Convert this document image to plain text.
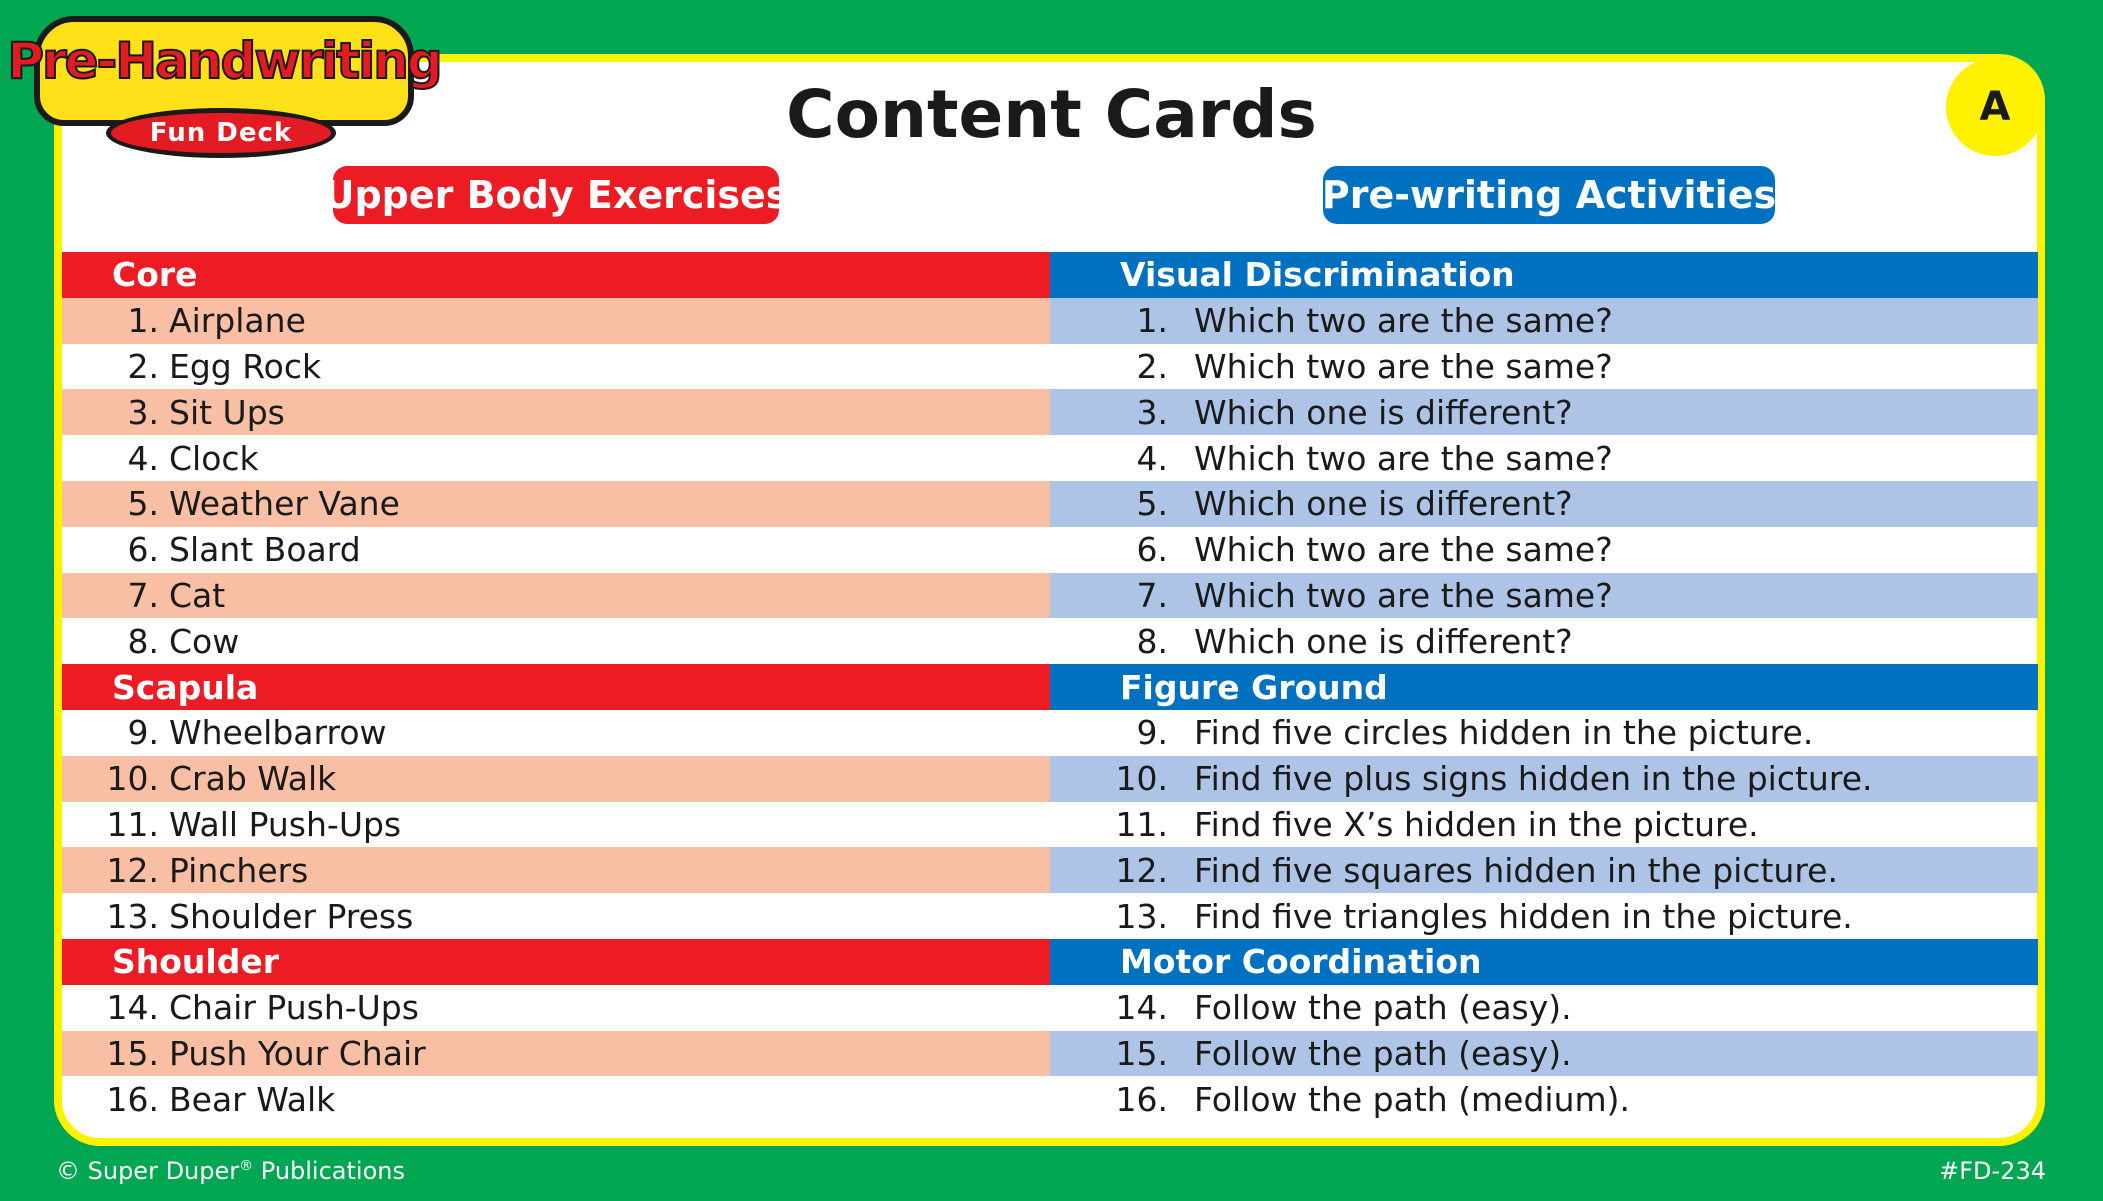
Pre-Handwriting
Fun Deck
A
Content Cards
Upper Body Exercises	Pre-writing Activities
Core
1. Airplane
2. Egg Rock
3. Sit Ups
4. Clock
5. Weather Vane
6. Slant Board
7. Cat
8. Cow
Scapula
9. Wheelbarrow
10. Crab Walk
11. Wall Push-Ups
12. Pinchers
13. Shoulder Press
Shoulder
14. Chair Push-Ups
15. Push Your Chair
16. Bear Walk
Visual Discrimination
1. Which two are the same?
2. Which two are the same?
3. Which one is different?
4. Which two are the same?
5. Which one is different?
6. Which two are the same?
7. Which two are the same?
8. Which one is different?
Figure Ground
9. Find five circles hidden in the picture.
10. Find five plus signs hidden in the picture.
11. Find five X’s hidden in the picture.
12. Find five squares hidden in the picture.
13. Find five triangles hidden in the picture.
Motor Coordination
14. Follow the path (easy).
15. Follow the path (easy).
16. Follow the path (medium).
© Super Duper® Publications	#FD-234
